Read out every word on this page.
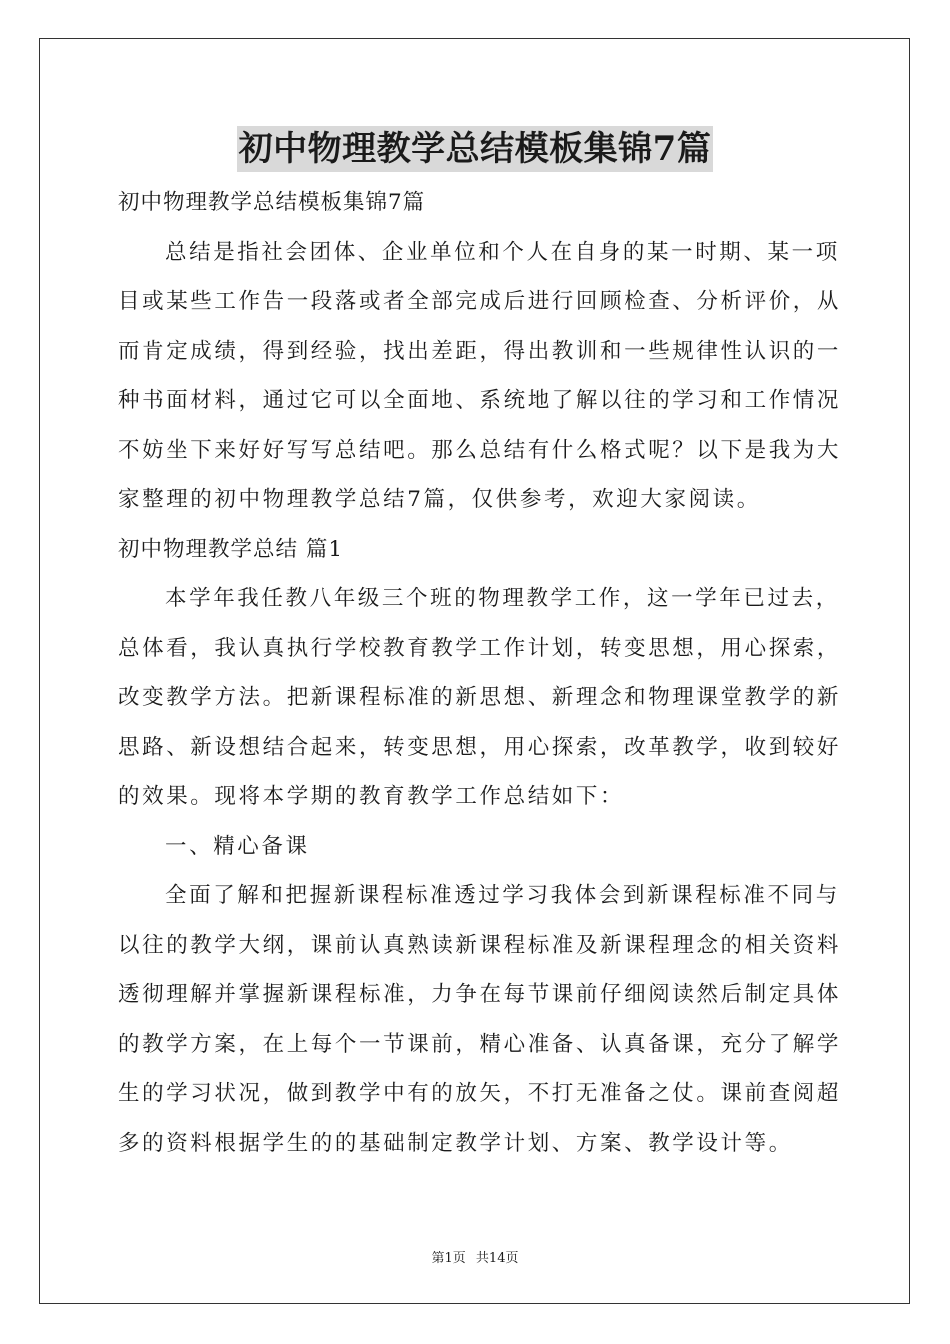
初中物理教学总结模板集锦7篇
初中物理教学总结模板集锦7篇
总结是指社会团体、企业单位和个人在自身的某一时期、某一项
目或某些工作告一段落或者全部完成后进行回顾检查、分析评价，从
而肯定成绩，得到经验，找出差距，得出教训和一些规律性认识的一
种书面材料，通过它可以全面地、系统地了解以往的学习和工作情况
不妨坐下来好好写写总结吧。那么总结有什么格式呢？以下是我为大
家整理的初中物理教学总结7篇，仅供参考，欢迎大家阅读。
初中物理教学总结 篇1
本学年我任教八年级三个班的物理教学工作，这一学年已过去，
总体看，我认真执行学校教育教学工作计划，转变思想，用心探索，
改变教学方法。把新课程标准的新思想、新理念和物理课堂教学的新
思路、新设想结合起来，转变思想，用心探索，改革教学，收到较好
的效果。现将本学期的教育教学工作总结如下：
一、精心备课
全面了解和把握新课程标准透过学习我体会到新课程标准不同与
以往的教学大纲，课前认真熟读新课程标准及新课程理念的相关资料
透彻理解并掌握新课程标准，力争在每节课前仔细阅读然后制定具体
的教学方案，在上每个一节课前，精心准备、认真备课，充分了解学
生的学习状况，做到教学中有的放矢，不打无准备之仗。课前查阅超
多的资料根据学生的的基础制定教学计划、方案、教学设计等。
第1页 共14页
